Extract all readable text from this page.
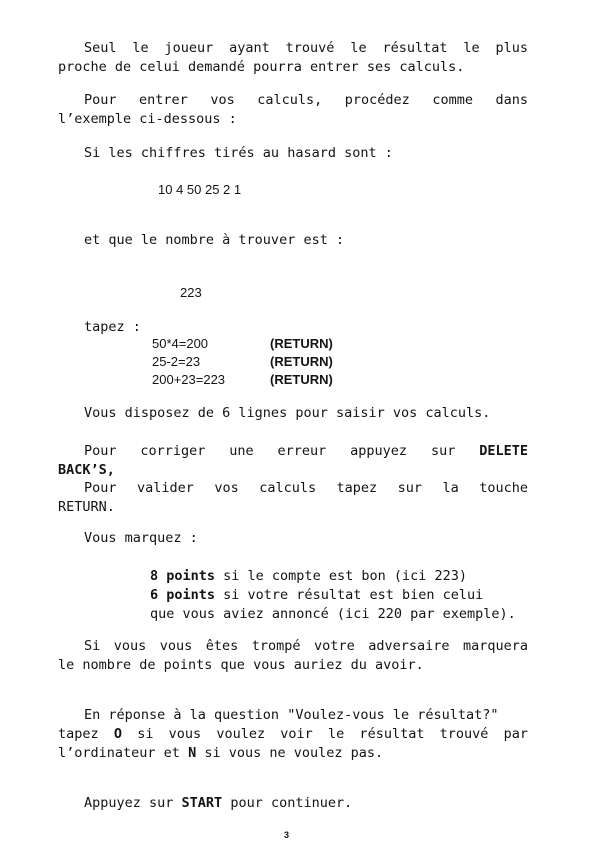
Seul le joueur ayant trouvé le résultat le plus
proche de celui demandé pourra entrer ses calculs.
Pour entrer vos calculs, procédez comme dans
l’exemple ci-dessous :
Si les chiffres tirés au hasard sont :
10 4 50 25 2 1
et que le nombre à trouver est :
223
tapez :
50*4=200	(RETURN)
25-2=23	(RETURN)
200+23=223	(RETURN)
Vous disposez de 6 lignes pour saisir vos calculs.
Pour corriger une erreur appuyez sur DELETE
BACK’S,
Pour valider vos calculs tapez sur la touche
RETURN.
Vous marquez :
8 points si le compte est bon (ici 223)
6 points si votre résultat est bien celui
que vous aviez annoncé (ici 220 par exemple).
Si vous vous êtes trompé votre adversaire marquera
le nombre de points que vous auriez du avoir.
En réponse à la question "Voulez-vous le résultat?"
tapez O si vous voulez voir le résultat trouvé par
l’ordinateur et N si vous ne voulez pas.
Appuyez sur START pour continuer.
3
